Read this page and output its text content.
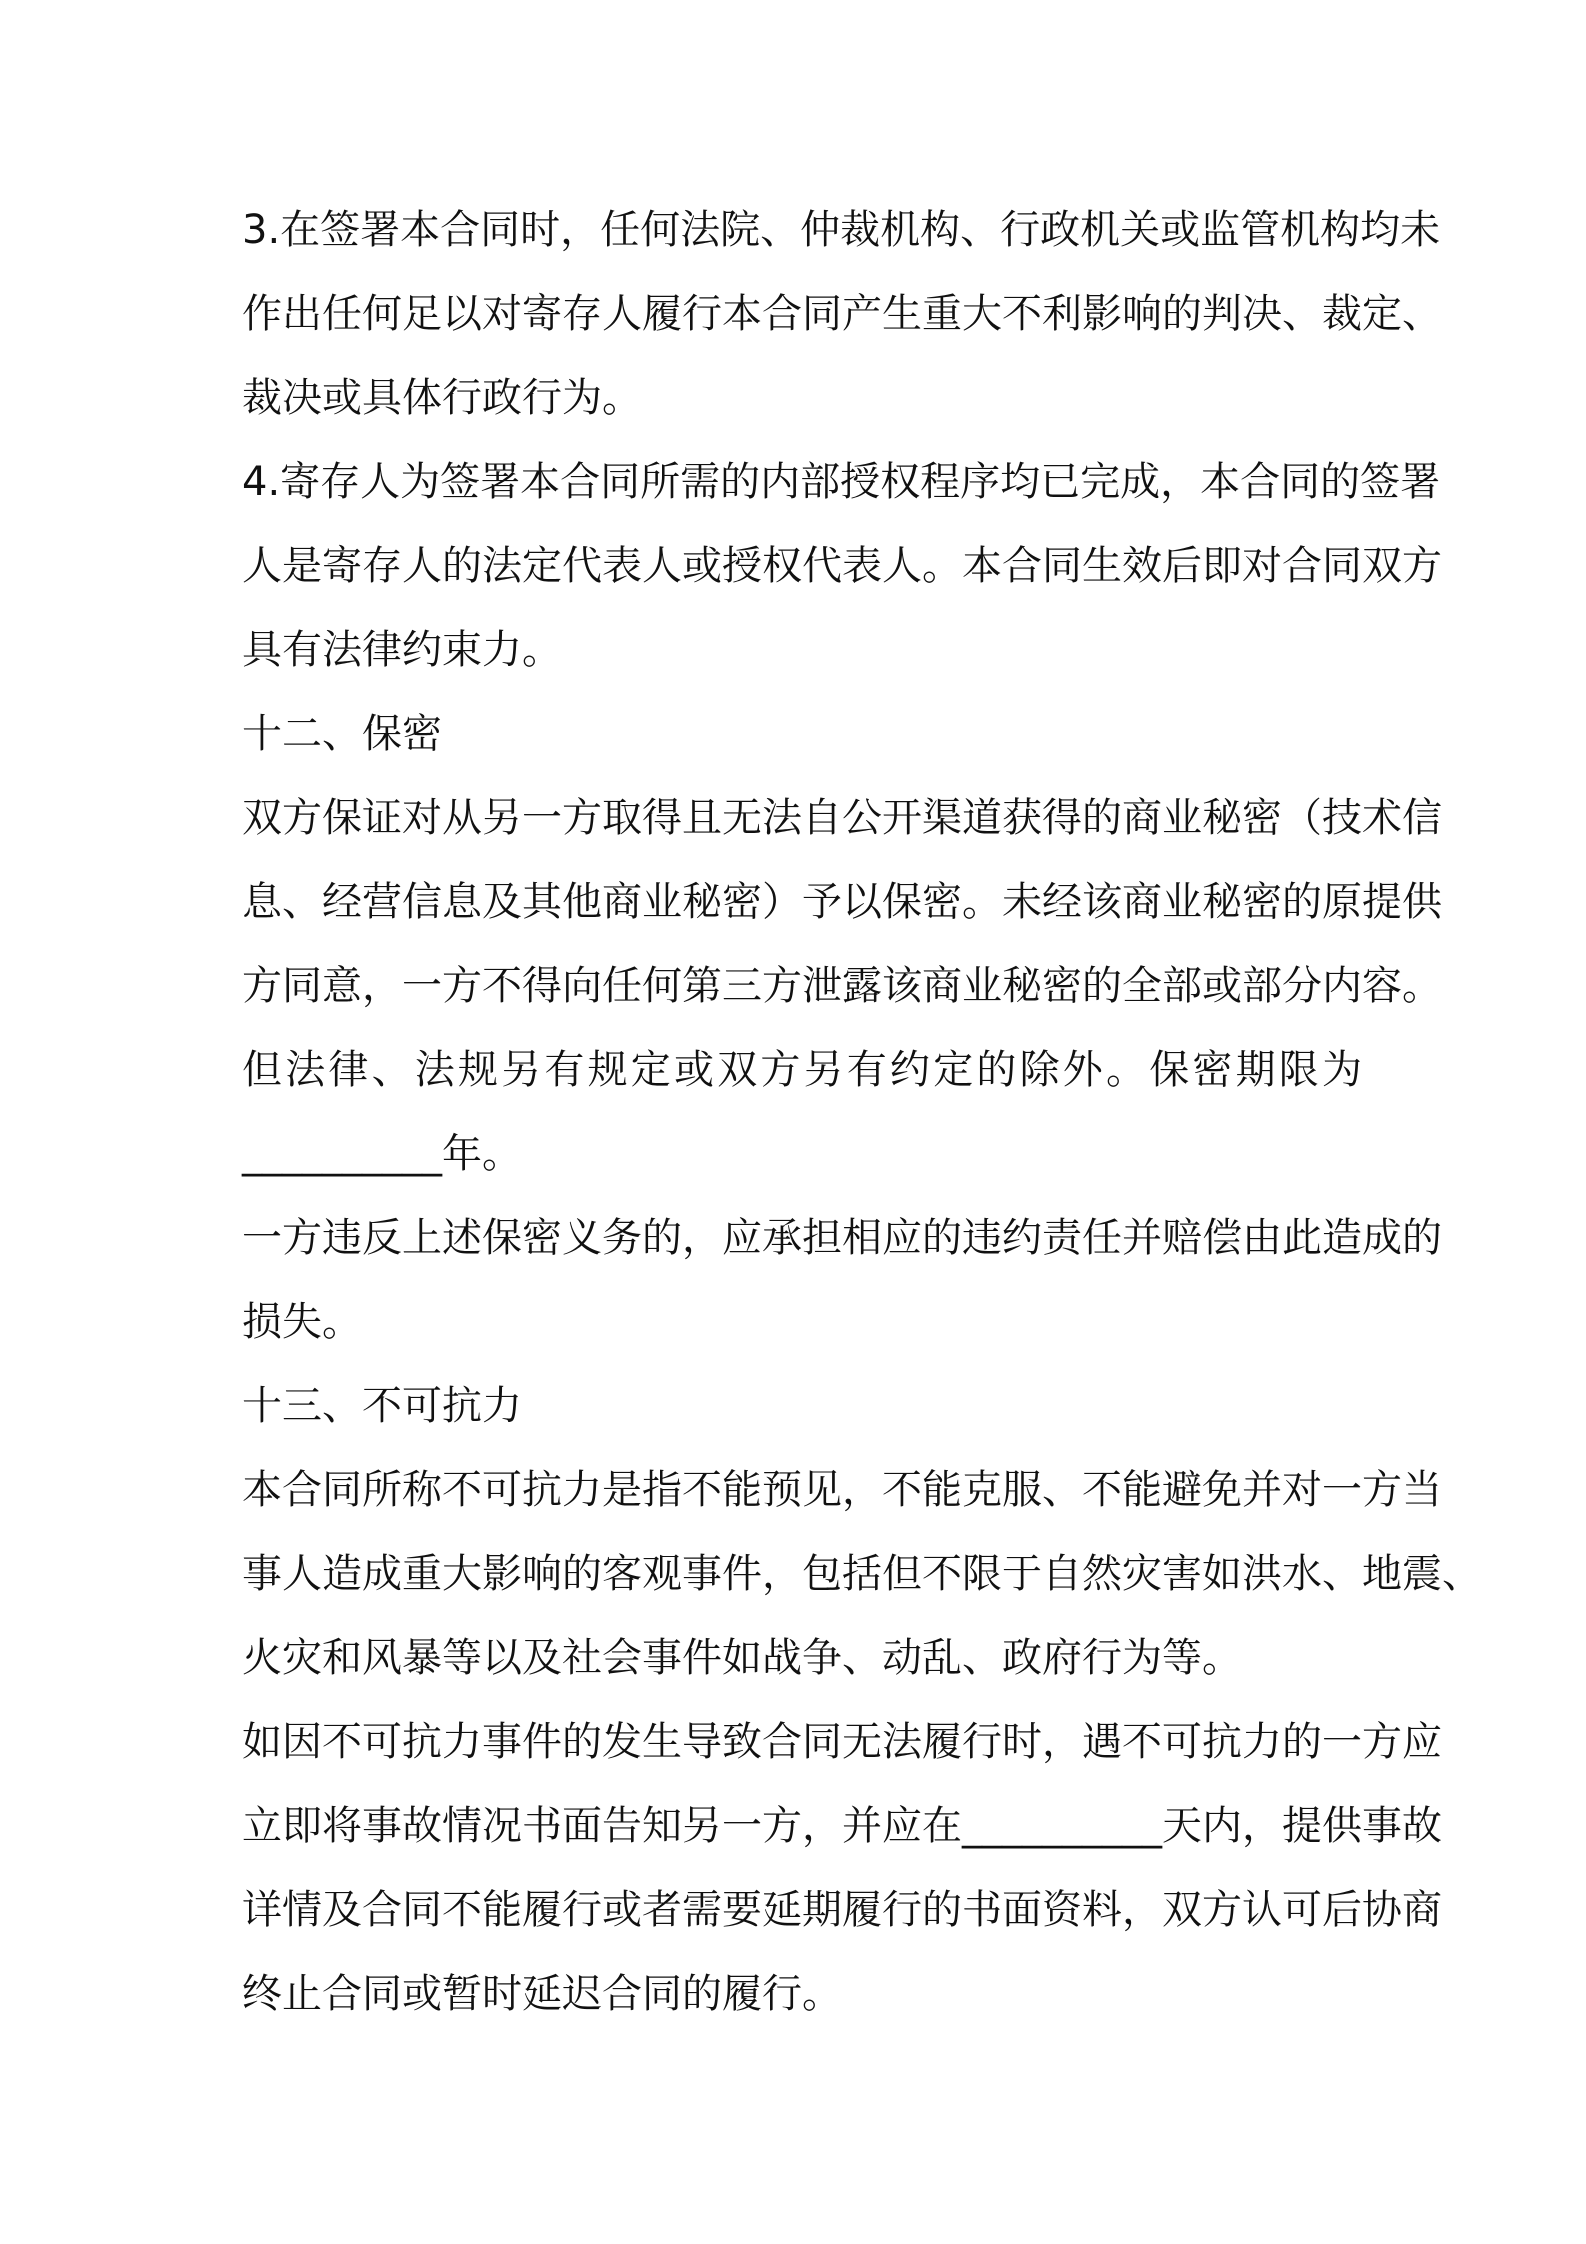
3.在签署本合同时，任何法院、仲裁机构、行政机关或监管机构均未
作出任何足以对寄存人履行本合同产生重大不利影响的判决、裁定、
裁决或具体行政行为。
4.寄存人为签署本合同所需的内部授权程序均已完成，本合同的签署
人是寄存人的法定代表人或授权代表人。本合同生效后即对合同双方
具有法律约束力。
十二、保密
双方保证对从另一方取得且无法自公开渠道获得的商业秘密（技术信
息、经营信息及其他商业秘密）予以保密。未经该商业秘密的原提供
方同意，一方不得向任何第三方泄露该商业秘密的全部或部分内容。
但法律、法规另有规定或双方另有约定的除外。保密期限为
__________年。
一方违反上述保密义务的，应承担相应的违约责任并赔偿由此造成的
损失。
十三、不可抗力
本合同所称不可抗力是指不能预见，不能克服、不能避免并对一方当
事人造成重大影响的客观事件，包括但不限于自然灾害如洪水、地震、
火灾和风暴等以及社会事件如战争、动乱、政府行为等。
如因不可抗力事件的发生导致合同无法履行时，遇不可抗力的一方应
立即将事故情况书面告知另一方，并应在__________天内，提供事故
详情及合同不能履行或者需要延期履行的书面资料，双方认可后协商
终止合同或暂时延迟合同的履行。
